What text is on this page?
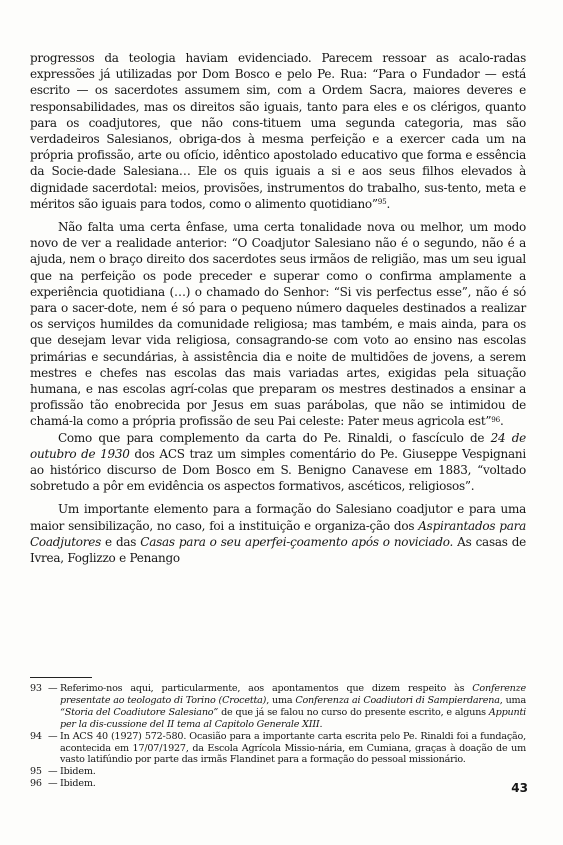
progressos da teologia haviam evidenciado. Parecem ressoar as acalo-radas expressões já utilizadas por Dom Bosco e pelo Pe. Rua: “Para o Fundador — está escrito — os sacerdotes assumem sim, com a Ordem Sacra, maiores deveres e responsabilidades, mas os direitos são iguais, tanto para eles e os clérigos, quanto para os coadjutores, que não cons-tituem uma segunda categoria, mas são verdadeiros Salesianos, obriga-dos à mesma perfeição e a exercer cada um na própria profissão, arte ou ofício, idêntico apostolado educativo que forma e essência da Socie-dade Salesiana… Ele os quis iguais a si e aos seus filhos elevados à dignidade sacerdotal: meios, provisões, instrumentos do trabalho, sus-tento, meta e méritos são iguais para todos, como o alimento quotidiano”$^{95}$.

Não falta uma certa ênfase, uma certa tonalidade nova ou melhor, um modo novo de ver a realidade anterior: “O Coadjutor Salesiano não é o segundo, não é a ajuda, nem o braço direito dos sacerdotes seus irmãos de religião, mas um seu igual que na perfeição os pode preceder e superar como o confirma amplamente a experiência quotidiana (…) o chamado do Senhor: “Si vis perfectus esse”, não é só para o sacer-dote, nem é só para o pequeno número daqueles destinados a realizar os serviços humildes da comunidade religiosa; mas também, e mais ainda, para os que desejam levar vida religiosa, consagrando-se com voto ao ensino nas escolas primárias e secundárias, à assistência dia e noite de multidões de jovens, a serem mestres e chefes nas escolas das mais variadas artes, exigidas pela situação humana, e nas escolas agrí-colas que preparam os mestres destinados a ensinar a profissão tão enobrecida por Jesus em suas parábolas, que não se intimidou de chamá-la como a própria profissão de seu Pai celeste: Pater meus agricola est”$^{96}$.

Como que para complemento da carta do Pe. Rinaldi, o fascículo de 24 de outubro de 1930 dos ACS traz um simples comentário do Pe. Giuseppe Vespignani ao histórico discurso de Dom Bosco em S. Benigno Canavese em 1883, “voltado sobretudo a pôr em evidência os aspectos formativos, ascéticos, religiosos”.

Um importante elemento para a formação do Salesiano coadjutor e para uma maior sensibilização, no caso, foi a instituição e organiza-ção dos Aspirantados para Coadjutores e das Casas para o seu aperfei-çoamento após o noviciado. As casas de Ivrea, Foglizzo e Penango

93 — Referimo-nos aqui, particularmente, aos apontamentos que dizem respeito às Conferenze presentate ao teologato di Torino (Crocetta), uma Conferenza ai Coadiutori di Sampierdarena, uma “Storia del Coadiutore Salesiano” de que já se falou no curso do presente escrito, e alguns Appunti per la dis-cussione del II tema al Capitolo Generale XIII.
94 — In ACS 40 (1927) 572-580. Ocasião para a importante carta escrita pelo Pe. Rinaldi foi a fundação, acontecida em 17/07/1927, da Escola Agrícola Missio-nária, em Cumiana, graças à doação de um vasto latifúndio por parte das irmãs Flandinet para a formação do pessoal missionário.
95 — Ibidem.
96 — Ibidem.	43
